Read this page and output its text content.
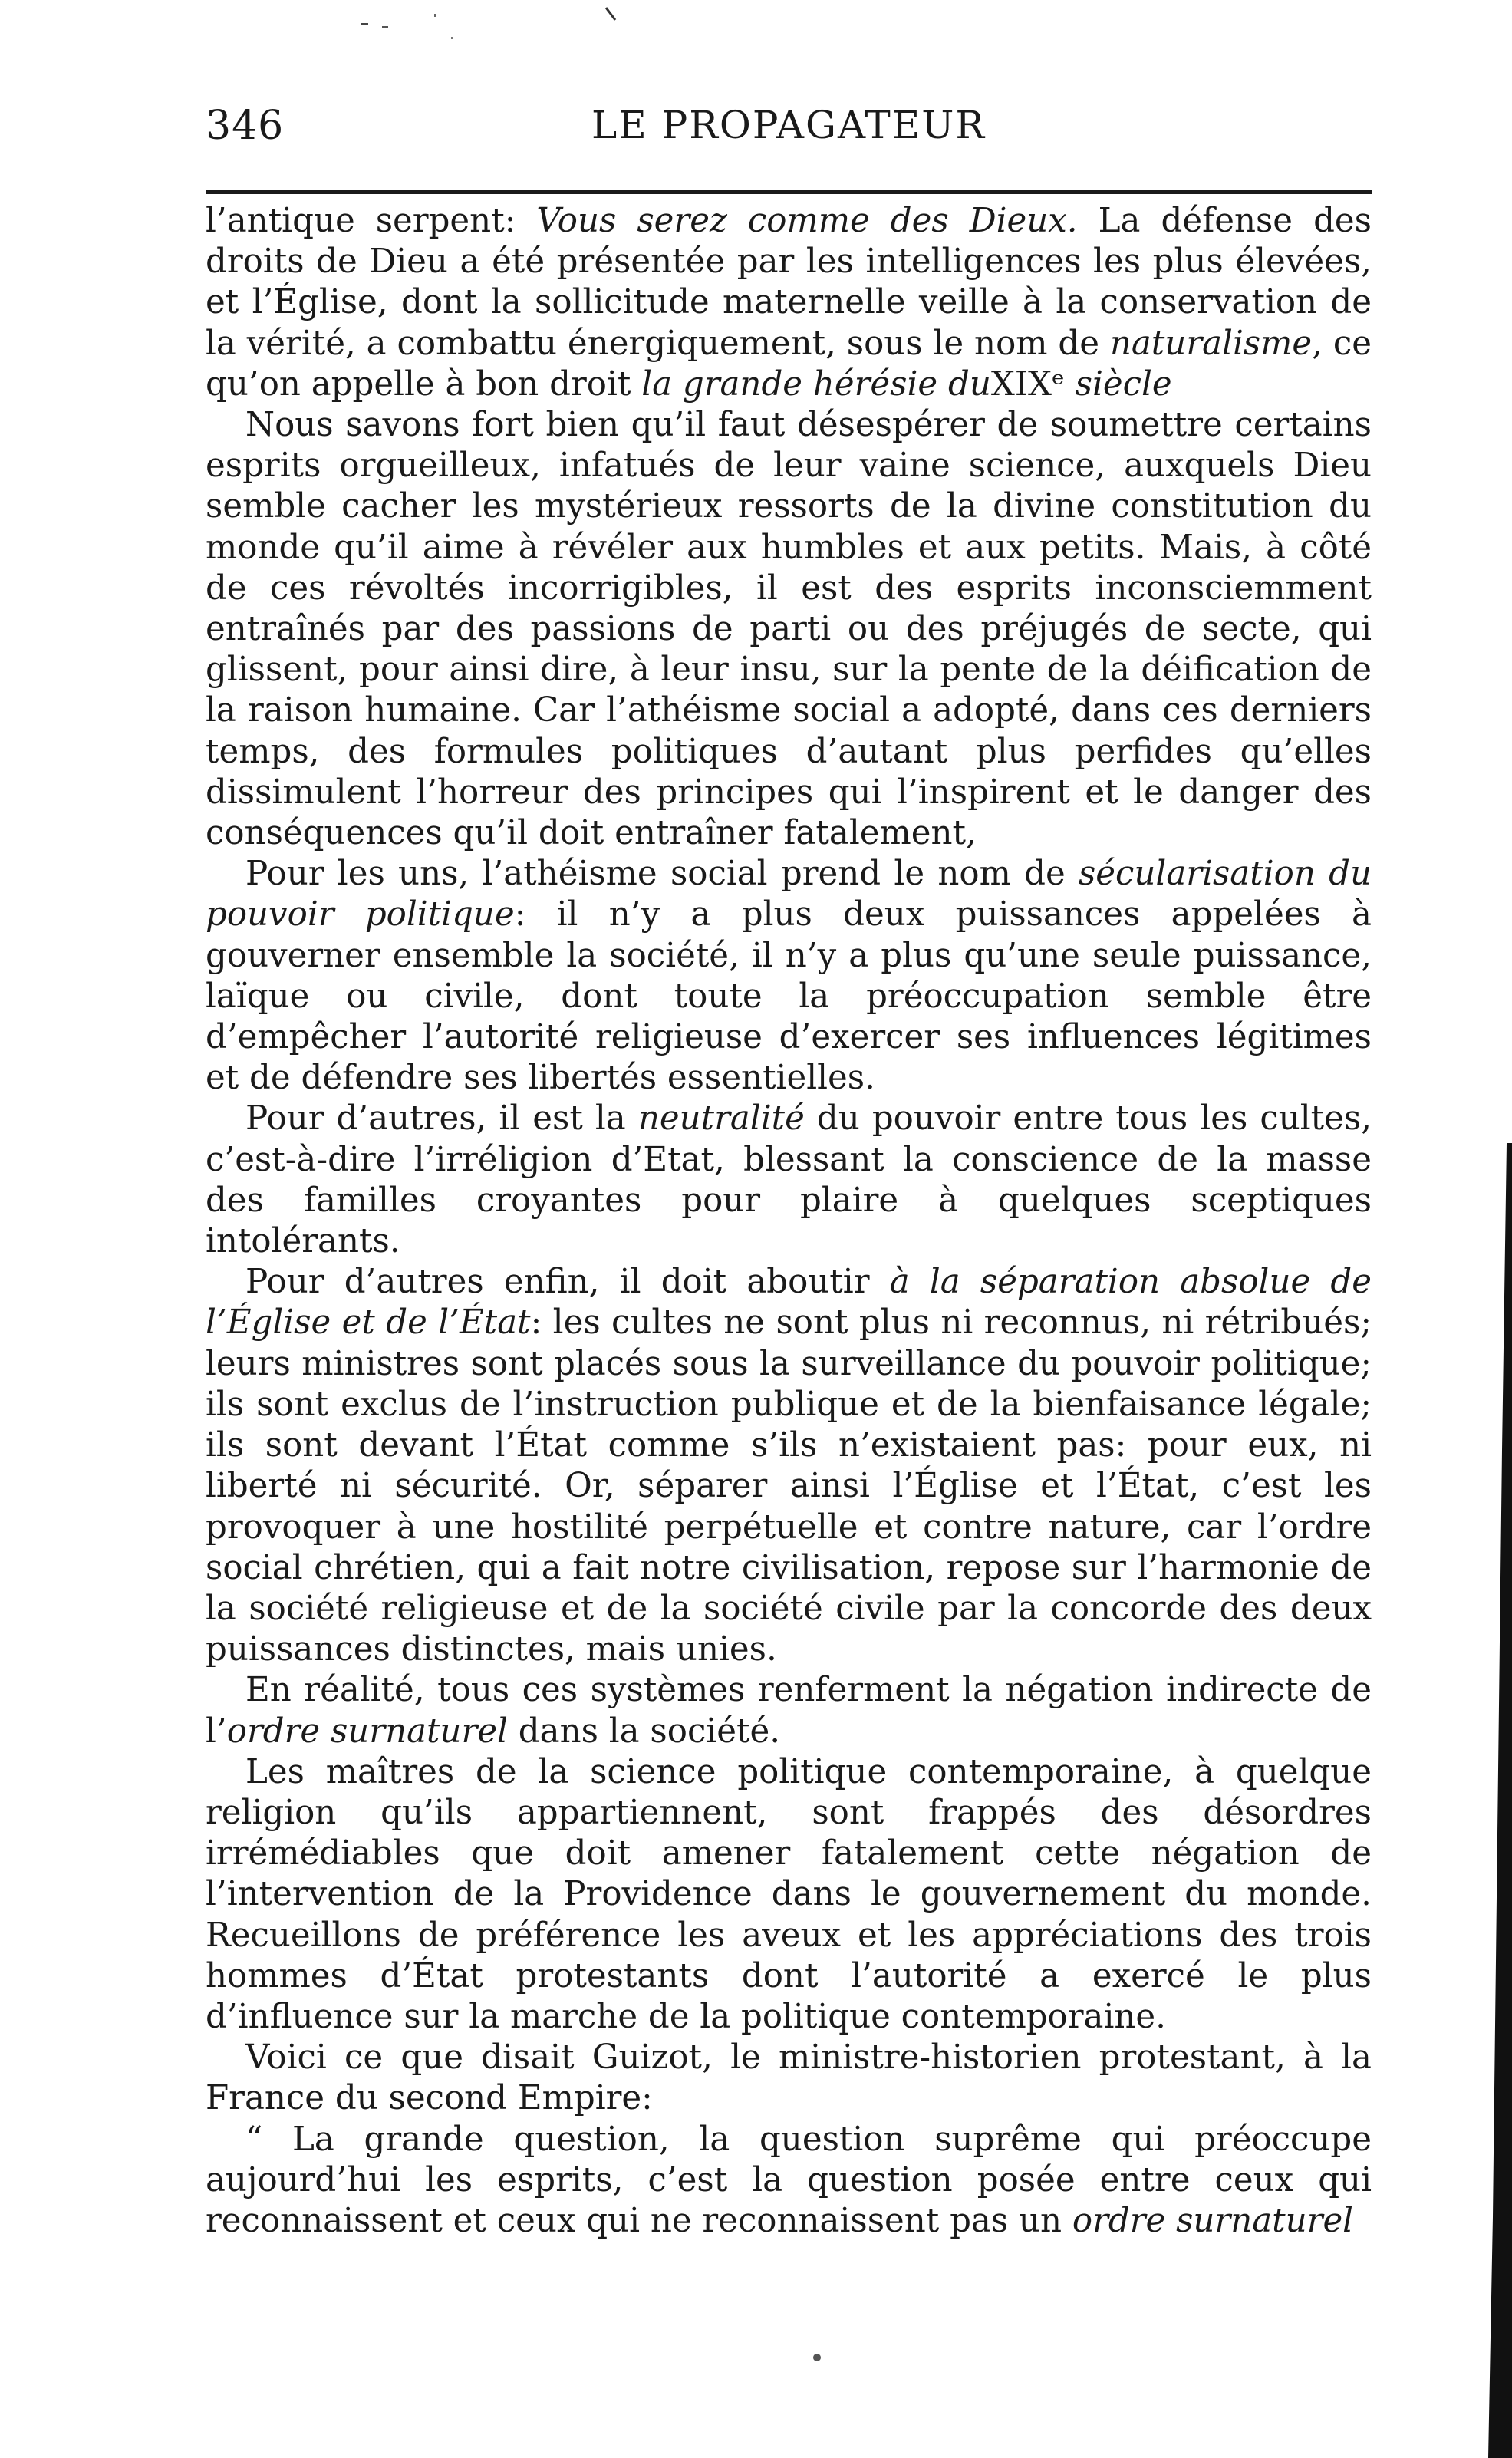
346	LE PROPAGATEUR

l’antique serpent: Vous serez comme des Dieux. La défense des droits de Dieu a été présentée par les intelligences les plus élevées, et l’Église, dont la sollicitude maternelle veille à la conservation de la vérité, a combattu énergiquement, sous le nom de naturalisme, ce qu’on appelle à bon droit la grande hérésie duXIXᵉ siècle

Nous savons fort bien qu’il faut désespérer de soumettre certains esprits orgueilleux, infatués de leur vaine science, auxquels Dieu semble cacher les mystérieux ressorts de la divine constitution du monde qu’il aime à révéler aux humbles et aux petits. Mais, à côté de ces révoltés incorrigibles, il est des esprits inconsciemment entraînés par des passions de parti ou des préjugés de secte, qui glissent, pour ainsi dire, à leur insu, sur la pente de la déification de la raison humaine. Car l’athéisme social a adopté, dans ces derniers temps, des formules politiques d’autant plus perfides qu’elles dissimulent l’horreur des principes qui l’inspirent et le danger des conséquences qu’il doit entraîner fatalement,

Pour les uns, l’athéisme social prend le nom de sécularisation du pouvoir politique: il n’y a plus deux puissances appelées à gouverner ensemble la société, il n’y a plus qu’une seule puissance, laïque ou civile, dont toute la préoccupation semble être d’empêcher l’autorité religieuse d’exercer ses influences légitimes et de défendre ses libertés essentielles.

Pour d’autres, il est la neutralité du pouvoir entre tous les cultes, c’est-à-dire l’irréligion d’Etat, blessant la conscience de la masse des familles croyantes pour plaire à quelques sceptiques intolérants.

Pour d’autres enfin, il doit aboutir à la séparation absolue de l’Église et de l’État: les cultes ne sont plus ni reconnus, ni rétribués; leurs ministres sont placés sous la surveillance du pouvoir politique; ils sont exclus de l’instruction publique et de la bienfaisance légale; ils sont devant l’État comme s’ils n’existaient pas: pour eux, ni liberté ni sécurité. Or, séparer ainsi l’Église et l’État, c’est les provoquer à une hostilité perpétuelle et contre nature, car l’ordre social chrétien, qui a fait notre civilisation, repose sur l’harmonie de la société religieuse et de la société civile par la concorde des deux puissances distinctes, mais unies.

En réalité, tous ces systèmes renferment la négation indirecte de l’ordre surnaturel dans la société.

Les maîtres de la science politique contemporaine, à quelque religion qu’ils appartiennent, sont frappés des désordres irrémédiables que doit amener fatalement cette négation de l’intervention de la Providence dans le gouvernement du monde. Recueillons de préférence les aveux et les appréciations des trois hommes d’État protestants dont l’autorité a exercé le plus d’influence sur la marche de la politique contemporaine.

Voici ce que disait Guizot, le ministre-historien protestant, à la France du second Empire:

“ La grande question, la question suprême qui préoccupe aujourd’hui les esprits, c’est la question posée entre ceux qui reconnaissent et ceux qui ne reconnaissent pas un ordre surnaturel
